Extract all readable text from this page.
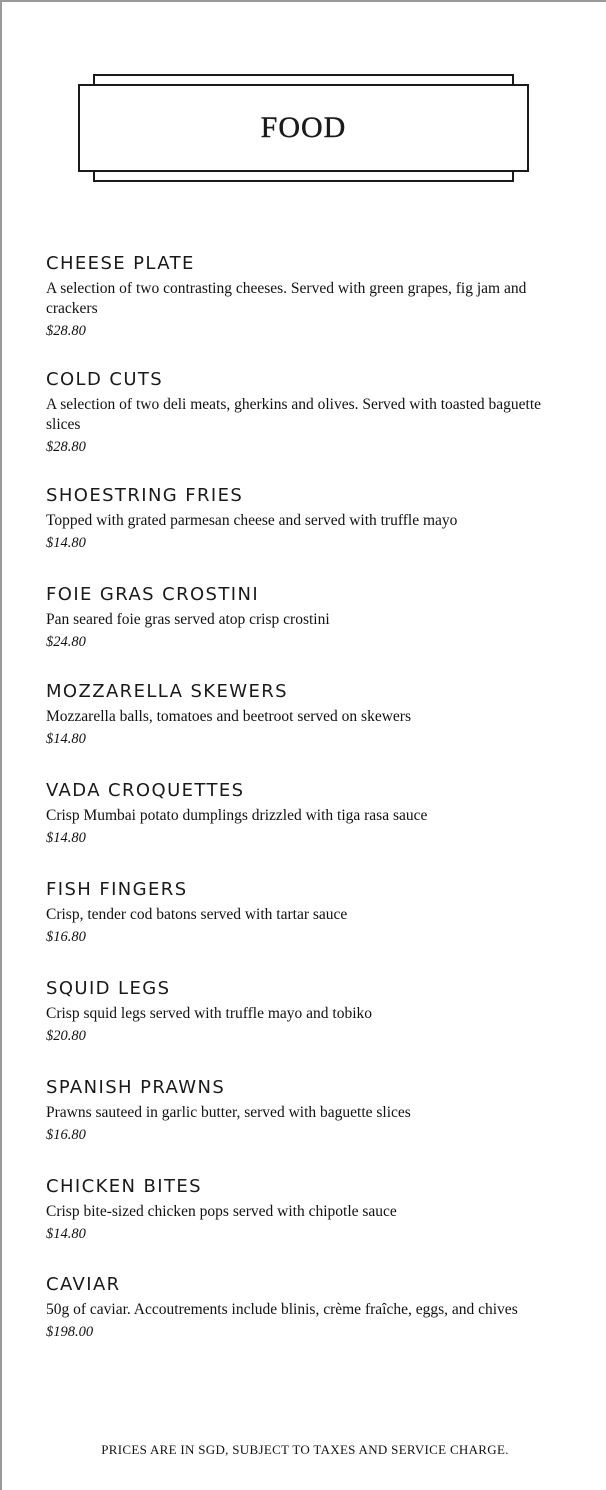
FOOD
CHEESE PLATE
A selection of two contrasting cheeses. Served with green grapes, fig jam and crackers
$28.80
COLD CUTS
A selection of two deli meats, gherkins and olives. Served with toasted baguette slices
$28.80
SHOESTRING FRIES
Topped with grated parmesan cheese and served with truffle mayo
$14.80
FOIE GRAS CROSTINI
Pan seared foie gras served atop crisp crostini
$24.80
MOZZARELLA SKEWERS
Mozzarella balls, tomatoes and beetroot served on skewers
$14.80
VADA CROQUETTES
Crisp Mumbai potato dumplings drizzled with tiga rasa sauce
$14.80
FISH FINGERS
Crisp, tender cod batons served with tartar sauce
$16.80
SQUID LEGS
Crisp squid legs served with truffle mayo and tobiko
$20.80
SPANISH PRAWNS
Prawns sauteed in garlic butter, served with baguette slices
$16.80
CHICKEN BITES
Crisp bite-sized chicken pops served with chipotle sauce
$14.80
CAVIAR
50g of caviar. Accoutrements include blinis, crème fraîche, eggs, and chives
$198.00
PRICES ARE IN SGD, SUBJECT TO TAXES AND SERVICE CHARGE.
